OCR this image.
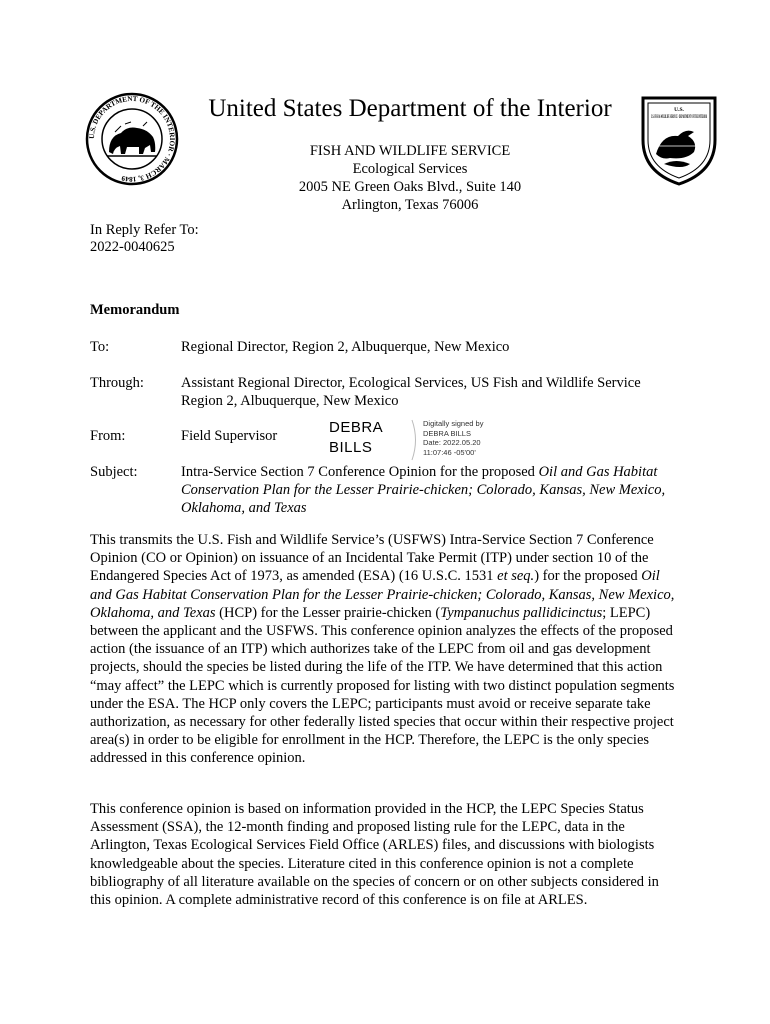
U.S. DEPARTMENT OF THE INTERIOR · MARCH 3, 1849
United States Department of the Interior
FISH AND WILDLIFE SERVICE
Ecological Services
2005 NE Green Oaks Blvd., Suite 140
Arlington, Texas 76006
U.S.
U.S. FISH & WILDLIFE SERVICE · DEPARTMENT OF THE INTERIOR
In Reply Refer To:
2022-0040625
Memorandum
To:	Regional Director, Region 2, Albuquerque, New Mexico
Through:	Assistant Regional Director, Ecological Services, US Fish and Wildlife Service
Region 2, Albuquerque, New Mexico
From:	Field Supervisor	DEBRA
BILLS
Digitally signed by
DEBRA BILLS
Date: 2022.05.20
11:07:46 -05'00'
Subject:	Intra-Service Section 7 Conference Opinion for the proposed Oil and Gas Habitat Conservation Plan for the Lesser Prairie-chicken; Colorado, Kansas, New Mexico, Oklahoma, and Texas
This transmits the U.S. Fish and Wildlife Service’s (USFWS) Intra-Service Section 7 Conference Opinion (CO or Opinion) on issuance of an Incidental Take Permit (ITP) under section 10 of the Endangered Species Act of 1973, as amended (ESA) (16 U.S.C. 1531 et seq.) for the proposed Oil and Gas Habitat Conservation Plan for the Lesser Prairie-chicken; Colorado, Kansas, New Mexico, Oklahoma, and Texas (HCP) for the Lesser prairie-chicken (Tympanuchus pallidicinctus; LEPC) between the applicant and the USFWS. This conference opinion analyzes the effects of the proposed action (the issuance of an ITP) which authorizes take of the LEPC from oil and gas development projects, should the species be listed during the life of the ITP. We have determined that this action “may affect” the LEPC which is currently proposed for listing with two distinct population segments under the ESA. The HCP only covers the LEPC; participants must avoid or receive separate take authorization, as necessary for other federally listed species that occur within their respective project area(s) in order to be eligible for enrollment in the HCP. Therefore, the LEPC is the only species addressed in this conference opinion.
This conference opinion is based on information provided in the HCP, the LEPC Species Status Assessment (SSA), the 12-month finding and proposed listing rule for the LEPC, data in the Arlington, Texas Ecological Services Field Office (ARLES) files, and discussions with biologists knowledgeable about the species. Literature cited in this conference opinion is not a complete bibliography of all literature available on the species of concern or on other subjects considered in this opinion. A complete administrative record of this conference is on file at ARLES.
